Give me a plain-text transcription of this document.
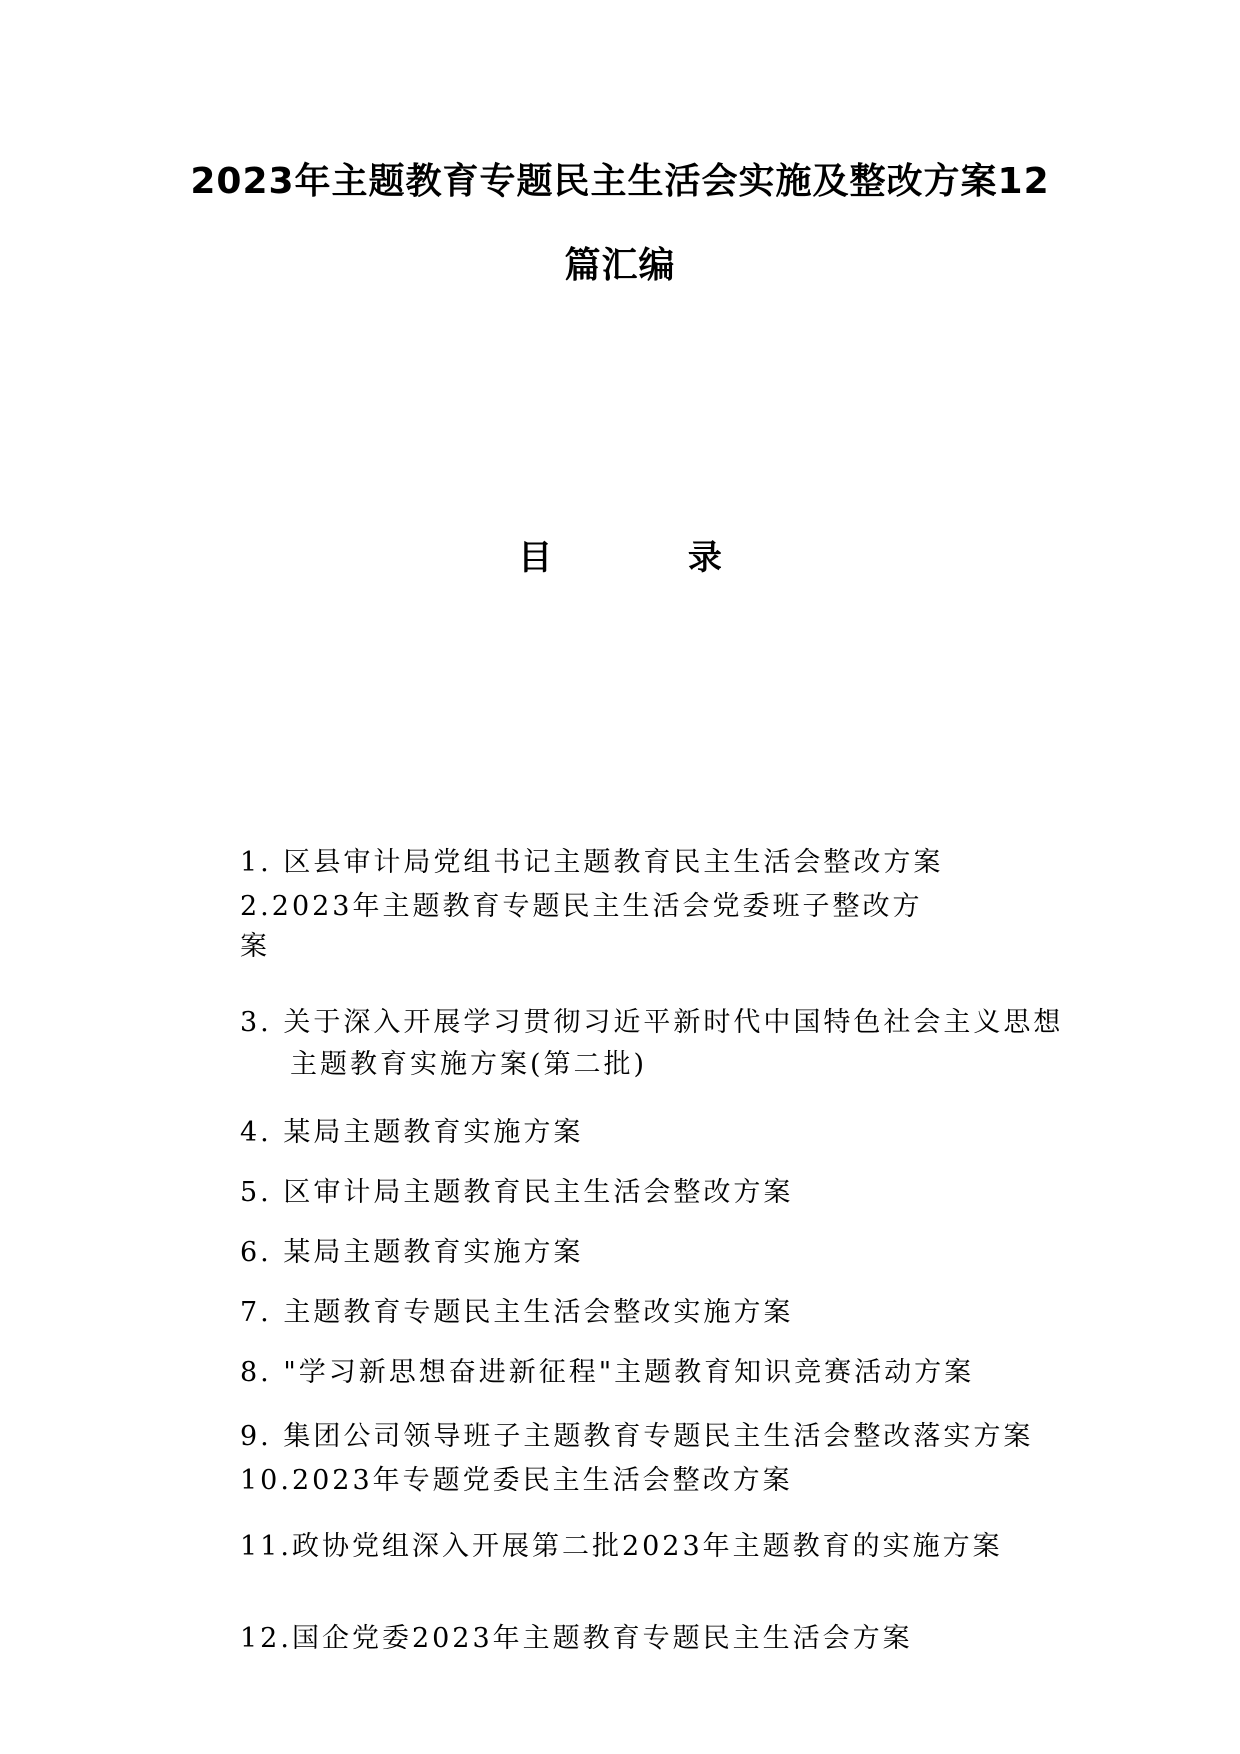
2023年主题教育专题民主生活会实施及整改方案12
篇汇编
目 录
1. 区县审计局党组书记主题教育民主生活会整改方案
2.2023年主题教育专题民主生活会党委班子整改方
案
3. 关于深入开展学习贯彻习近平新时代中国特色社会主义思想
主题教育实施方案(第二批)
4. 某局主题教育实施方案
5. 区审计局主题教育民主生活会整改方案
6. 某局主题教育实施方案
7. 主题教育专题民主生活会整改实施方案
8. "学习新思想奋进新征程"主题教育知识竞赛活动方案
9. 集团公司领导班子主题教育专题民主生活会整改落实方案
10.2023年专题党委民主生活会整改方案
11.政协党组深入开展第二批2023年主题教育的实施方案
12.国企党委2023年主题教育专题民主生活会方案
